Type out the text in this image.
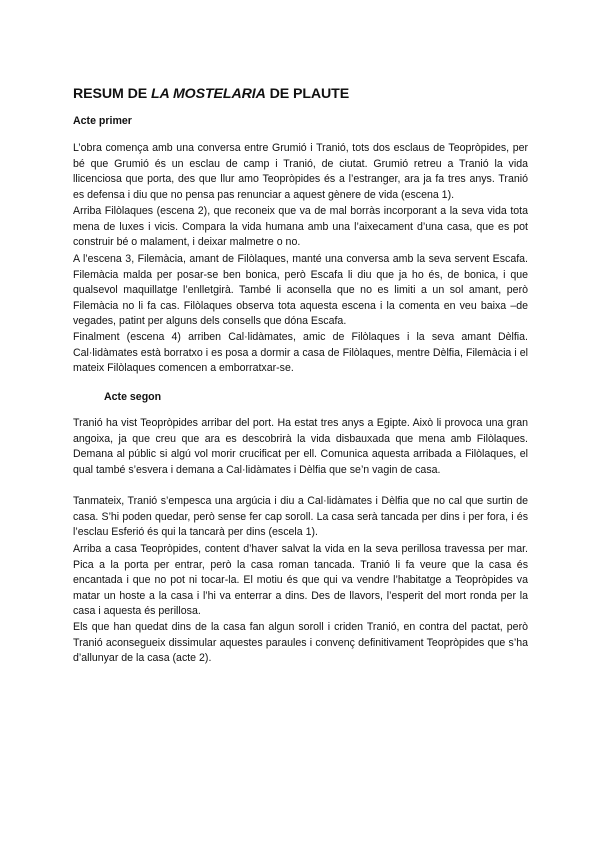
RESUM DE LA MOSTELARIA DE PLAUTE
Acte primer

L’obra comença amb una conversa entre Grumió i Tranió, tots dos esclaus de Teopròpides, per bé que Grumió és un esclau de camp i Tranió, de ciutat. Grumió retreu a Tranió la vida llicenciosa que porta, des que llur amo Teopròpides és a l’estranger, ara ja fa tres anys. Tranió es defensa i diu que no pensa pas renunciar a aquest gènere de vida (escena 1).

Arriba Filòlaques (escena 2), que reconeix que va de mal borràs incorporant a la seva vida tota mena de luxes i vicis. Compara la vida humana amb una l’aixecament d’una casa, que es pot construir bé o malament, i deixar malmetre o no.

A l’escena 3, Filemàcia, amant de Filòlaques, manté una conversa amb la seva servent Escafa. Filemàcia malda per posar-se ben bonica, però Escafa li diu que ja ho és, de bonica, i que qualsevol maquillatge l’enlletgirà. També li aconsella que no es limiti a un sol amant, però Filemàcia no li fa cas. Filòlaques observa tota aquesta escena i la comenta en veu baixa –de vegades, patint per alguns dels consells que dóna Escafa.

Finalment (escena 4) arriben Cal·lidàmates, amic de Filòlaques i la seva amant Dèlfia. Cal·lidàmates està borratxo i es posa a dormir a casa de Filòlaques, mentre Dèlfia, Filemàcia i el mateix Filòlaques comencen a emborratxar-se.

Acte segon

Tranió ha vist Teopròpides arribar del port. Ha estat tres anys a Egipte. Això li provoca una gran angoixa, ja que creu que ara es descobrirà la vida disbauxada que mena amb Filòlaques. Demana al públic si algú vol morir crucificat per ell. Comunica aquesta arribada a Filòlaques, el qual també s’esvera i demana a Cal·lidàmates i Dèlfia que se’n vagin de casa.

Tanmateix, Tranió s’empesca una argúcia i diu a Cal·lidàmates i Dèlfia que no cal que surtin de casa. S’hi poden quedar, però sense fer cap soroll. La casa serà tancada per dins i per fora, i és l’esclau Esferió és qui la tancarà per dins (escela 1).

Arriba a casa Teopròpides, content d’haver salvat la vida en la seva perillosa travessa per mar. Pica a la porta per entrar, però la casa roman tancada. Tranió li fa veure que la casa és encantada i que no pot ni tocar-la. El motiu és que qui va vendre l’habitatge a Teopròpides va matar un hoste a la casa i l’hi va enterrar a dins. Des de llavors, l’esperit del mort ronda per la casa i aquesta és perillosa.

Els que han quedat dins de la casa fan algun soroll i criden Tranió, en contra del pactat, però Tranió aconsegueix dissimular aquestes paraules i convenç definitivament Teopròpides que s’ha d’allunyar de la casa (acte 2).
